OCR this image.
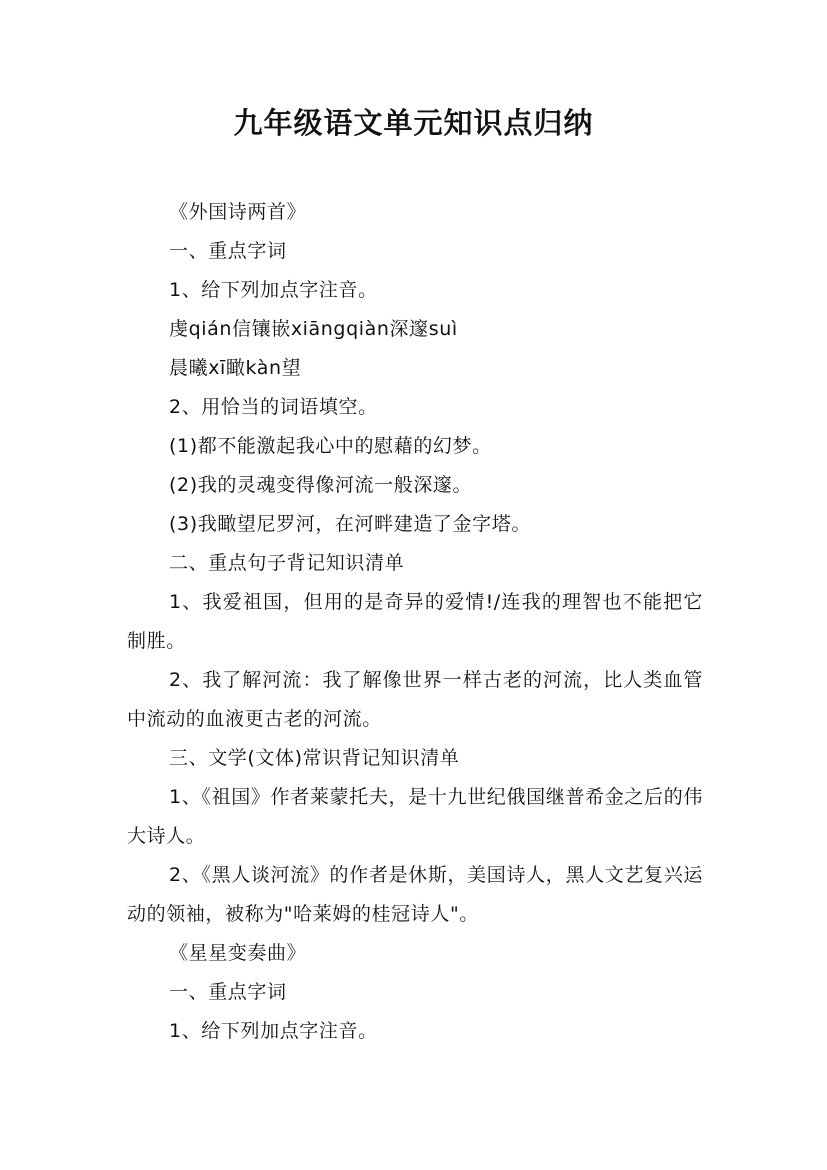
九年级语文单元知识点归纳

《外国诗两首》

一、重点字词

1、给下列加点字注音。

虔qián信镶嵌xiāngqiàn深邃suì

晨曦xī瞰kàn望

2、用恰当的词语填空。

(1)都不能激起我心中的慰藉的幻梦。

(2)我的灵魂变得像河流一般深邃。

(3)我瞰望尼罗河，在河畔建造了金字塔。

二、重点句子背记知识清单

1、我爱祖国，但用的是奇异的爱情!/连我的理智也不能把它制胜。

2、我了解河流：我了解像世界一样古老的河流，比人类血管中流动的血液更古老的河流。

三、文学(文体)常识背记知识清单

1、《祖国》作者莱蒙托夫，是十九世纪俄国继普希金之后的伟大诗人。

2、《黑人谈河流》的作者是休斯，美国诗人，黑人文艺复兴运动的领袖，被称为"哈莱姆的桂冠诗人"。

《星星变奏曲》

一、重点字词

1、给下列加点字注音。
